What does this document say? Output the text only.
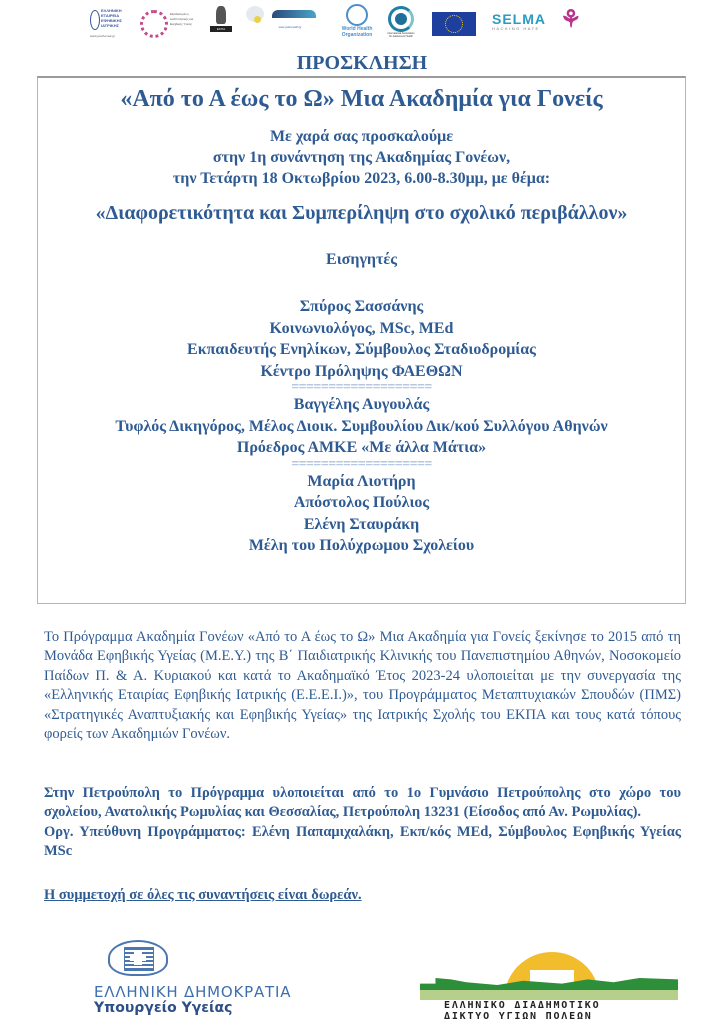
ΕΛΛΗΝΙΚΗ ΕΤΑΙΡΕΙΑ ΕΦΗΒΙΚΗΣ ΙΑΤΡΙΚΗΣ
www.youth-med.gr
Εξειδικευμένη Ανάπτυξιακής και Εφηβικής Υγείας
ΕΚΠΑ	www.youth-health.gr	World Health Organization	International Association for Adolescent Health
SELMA
HACKING HATE ⚘
ΠΡΟΣΚΛΗΣΗ
«Από το Α έως το Ω» Μια Ακαδημία για Γονείς
Με χαρά σας προσκαλούμε
στην 1η συνάντηση της Ακαδημίας Γονέων,
την Τετάρτη 18 Οκτωβρίου 2023, 6.00-8.30μμ, με θέμα:
«Διαφορετικότητα και Συμπερίληψη στο σχολικό περιβάλλον»
Εισηγητές
Σπύρος Σασσάνης
Κοινωνιολόγος, MSc, MEd
Εκπαιδευτής Ενηλίκων, Σύμβουλος Σταδιοδρομίας
Κέντρο Πρόληψης ΦΑΕΘΩΝ
===================
Βαγγέλης Αυγουλάς
Τυφλός Δικηγόρος, Μέλος Διοικ. Συμβουλίου Δικ/κού Συλλόγου Αθηνών
Πρόεδρος ΑΜΚΕ «Με άλλα Μάτια»
===================
Μαρία Λιοτήρη
Απόστολος Πούλιος
Ελένη Σταυράκη
Μέλη του Πολύχρωμου Σχολείου
Το Πρόγραμμα Ακαδημία Γονέων «Από το Α έως το Ω» Μια Ακαδημία για Γονείς ξεκίνησε το 2015 από τη Μονάδα Εφηβικής Υγείας (Μ.Ε.Υ.) της Β΄ Παιδιατρικής Κλινικής του Πανεπιστημίου Αθηνών, Νοσοκομείο Παίδων Π. & Α. Κυριακού και κατά το Ακαδημαϊκό Έτος 2023-24 υλοποιείται με την συνεργασία της «Ελληνικής Εταιρίας Εφηβικής Ιατρικής (Ε.Ε.Ε.Ι.)», του Προγράμματος Μεταπτυχιακών Σπουδών (ΠΜΣ) «Στρατηγικές Αναπτυξιακής και Εφηβικής Υγείας» της Ιατρικής Σχολής του ΕΚΠΑ και τους κατά τόπους φορείς των Ακαδημιών Γονέων.
Στην Πετρούπολη το Πρόγραμμα υλοποιείται από το 1ο Γυμνάσιο Πετρούπολης στο χώρο του σχολείου, Ανατολικής Ρωμυλίας και Θεσσαλίας, Πετρούπολη 13231 (Είσοδος από Αν. Ρωμυλίας).
Οργ. Υπεύθυνη Προγράμματος: Ελένη Παπαμιχαλάκη, Εκπ/κός MEd, Σύμβουλος Εφηβικής Υγείας MSc
Η συμμετοχή σε όλες τις συναντήσεις είναι δωρεάν.
ΕΛΛΗΝΙΚΗ ΔΗΜΟΚΡΑΤΙΑ
Υπουργείο Υγείας	ΕΛΛΗΝΙΚΟ ΔΙΑΔΗΜΟΤΙΚΟ
ΔΙΚΤΥΟ ΥΓΙΩΝ ΠΟΛΕΩΝ
